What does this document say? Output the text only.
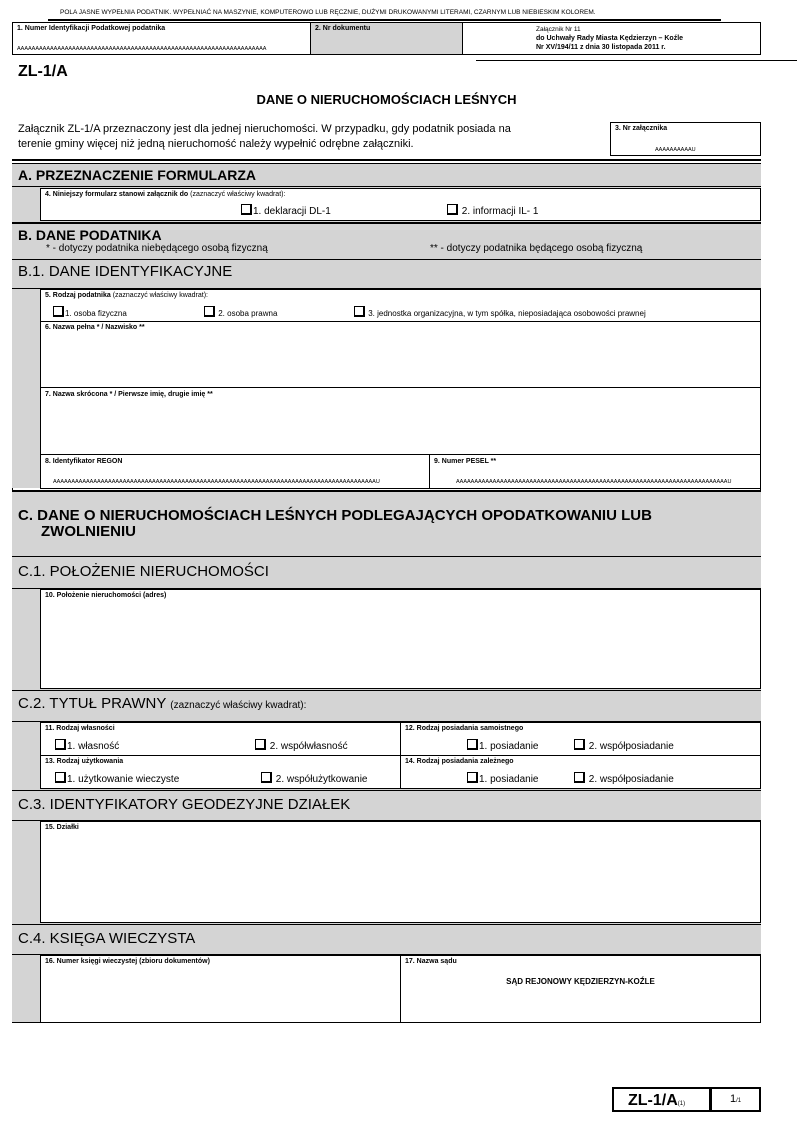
POLA JASNE WYPEŁNIA PODATNIK. WYPEŁNIAĆ NA MASZYNIE, KOMPUTEROWO LUB RĘCZNIE, DUŻYMI DRUKOWANYMI LITERAMI, CZARNYM LUB NIEBIESKIM KOLOREM.
1. Numer Identyfikacji Podatkowej podatnika
AAAAAAAAAAAAAAAAAAAAAAAAAAAAAAAAAAAAAAAAAAAAAAAAAAAAAAAAAAAAAAAAAAAA
2. Nr dokumentu	Załącznik Nr 11
do Uchwały Rady Miasta Kędzierzyn – Koźle
Nr XV/194/11 z dnia 30 listopada 2011 r.
ZL-1/A
DANE O NIERUCHOMOŚCIACH LEŚNYCH
Załącznik ZL-1/A przeznaczony jest dla jednej nieruchomości. W przypadku, gdy podatnik posiada na
terenie gminy więcej niż jedną nieruchomość należy wypełnić odrębne załączniki.
3. Nr załącznika
AAAAAAAAAAU
A. PRZEZNACZENIE FORMULARZA
4. Niniejszy formularz stanowi załącznik do (zaznaczyć właściwy kwadrat):
1. deklaracji DL-1	2. informacji IL- 1
B. DANE PODATNIKA
* - dotyczy podatnika niebędącego osobą fizyczną	** - dotyczy podatnika będącego osobą fizyczną
B.1. DANE IDENTYFIKACYJNE
5. Rodzaj podatnika (zaznaczyć właściwy kwadrat):
1. osoba fizyczna	2. osoba prawna	3. jednostka organizacyjna, w tym spółka, nieposiadająca osobowości prawnej
6. Nazwa pełna * / Nazwisko **
7. Nazwa skrócona * / Pierwsze imię, drugie imię **
8. Identyfikator REGON
ÀÀÀÀÀÀÀÀÀÀÀÀÀÀÀÀÀÀÀÀÀÀÀÀÀÀÀÀÀÀÀÀÀÀÀÀÀÀÀÀÀÀÀÀÀÀÀÀÀÀÀÀÀÀÀÀÀÀÀÀÀÀÀÀÀÀÀÀÀÀÀÀÀÀÀÀÀÀÀÀÀÀÀÀÀÀÀÀU
9. Numer PESEL **
AAAAAAAAAAAAAAAAAAAAAAAAAAAAAAAAAAAAAAAAAAAAAAAAAAAAAAAAAAAAAAAAAAAAAAAAAAU
C. DANE O NIERUCHOMOŚCIACH LEŚNYCH PODLEGAJĄCYCH OPODATKOWANIU LUB
ZWOLNIENIU
C.1. POŁOŻENIE NIERUCHOMOŚCI
10. Położenie nieruchomości (adres)
C.2. TYTUŁ PRAWNY (zaznaczyć właściwy kwadrat):
11. Rodzaj własności
1. własność	2. współwłasność
12. Rodzaj posiadania samoistnego
1. posiadanie	2. współposiadanie
13. Rodzaj użytkowania
1. użytkowanie wieczyste	2. współużytkowanie
14. Rodzaj posiadania zależnego
1. posiadanie	2. współposiadanie
C.3. IDENTYFIKATORY GEODEZYJNE DZIAŁEK
15. Działki
C.4. KSIĘGA WIECZYSTA
16. Numer księgi wieczystej (zbioru dokumentów)	17. Nazwa sądu
SĄD REJONOWY KĘDZIERZYN-KOŹLE
ZL-1/A(1)	1/1
